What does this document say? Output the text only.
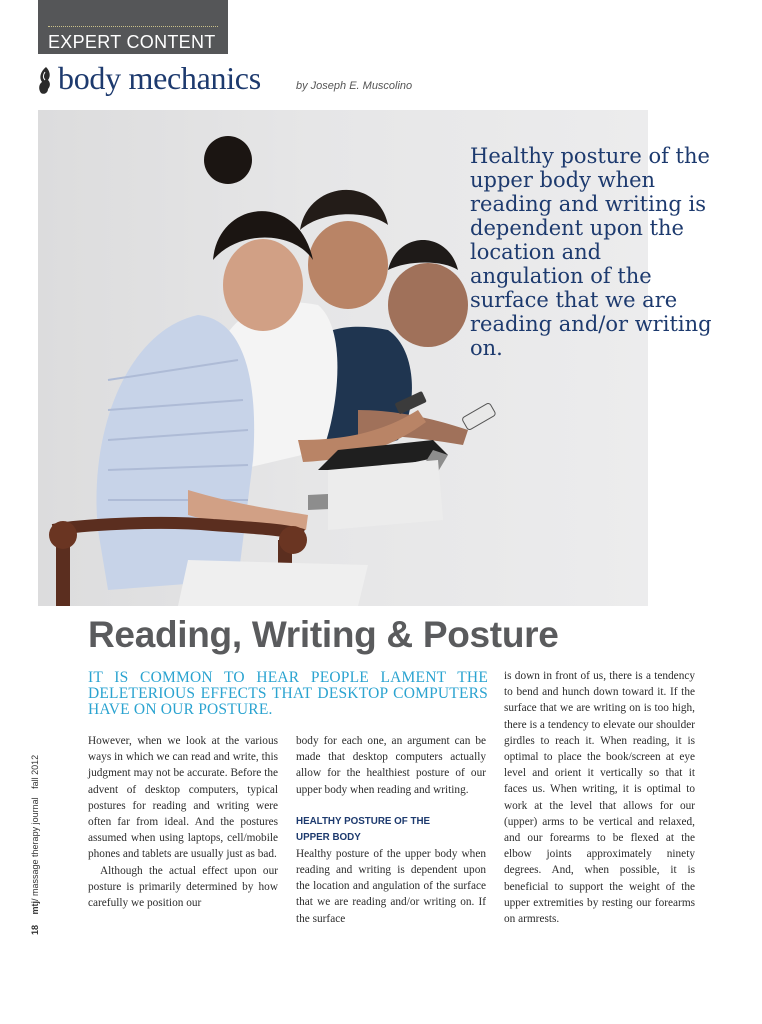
EXPERT CONTENT
body mechanics	by Joseph E. Muscolino
Healthy posture of the upper body when reading and writing is dependent upon the location and angulation of the surface that we are reading and/or writing on.
Reading, Writing & Posture
IT IS COMMON TO HEAR PEOPLE LAMENT THE DELETERIOUS EFFECTS THAT DESKTOP COMPUTERS HAVE ON OUR POSTURE.

However, when we look at the various ways in which we can read and write, this judgment may not be accurate. Before the advent of desktop computers, typical postures for reading and writing were often far from ideal. And the postures assumed when using laptops, cell/mobile phones and tablets are usually just as bad.

Although the actual effect upon our posture is primarily determined by how carefully we position our

body for each one, an argument can be made that desktop computers actually allow for the healthiest posture of our upper body when reading and writing.

HEALTHY POSTURE OF THE
UPPER BODY

Healthy posture of the upper body when reading and writing is dependent upon the location and angulation of the surface that we are reading and/or writing on. If the surface

is down in front of us, there is a tendency to bend and hunch down toward it. If the surface that we are writing on is too high, there is a tendency to elevate our shoulder girdles to reach it. When reading, it is optimal to place the book/screen at eye level and orient it vertically so that it faces us. When writing, it is optimal to work at the level that allows for our (upper) arms to be vertical and relaxed, and our forearms to be flexed at the elbow joints approximately ninety degrees. And, when possible, it is beneficial to support the weight of the upper extremities by resting our forearms on armrests.

18 mtj/ massage therapy journal fall 2012
